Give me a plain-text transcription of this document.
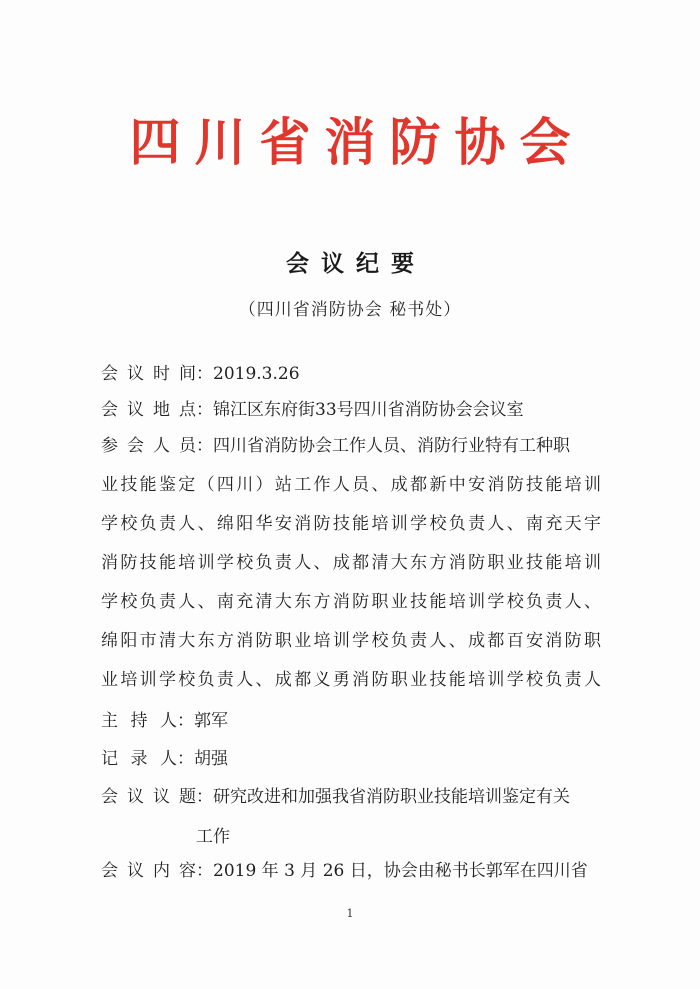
四川省消防协会
会议纪要
（四川省消防协会 秘书处）
会议时间 ： 2019.3.26
会议地点 ： 锦江区东府街33号四川省消防协会会议室
参会人员 ： 四川省消防协会工作人员、消防行业特有工种职
业技能鉴定（四川）站工作人员、成都新中安消防技能培训
学校负责人、绵阳华安消防技能培训学校负责人、南充天宇
消防技能培训学校负责人、成都清大东方消防职业技能培训
学校负责人、南充清大东方消防职业技能培训学校负责人、
绵阳市清大东方消防职业培训学校负责人、成都百安消防职
业培训学校负责人、成都义勇消防职业技能培训学校负责人
主 持 人 ： 郭军
记 录 人 ： 胡强
会议议题 ： 研究改进和加强我省消防职业技能培训鉴定有关
工作
会议内容 ： 2019 年 3 月 26 日，协会由秘书长郭军在四川省
1
